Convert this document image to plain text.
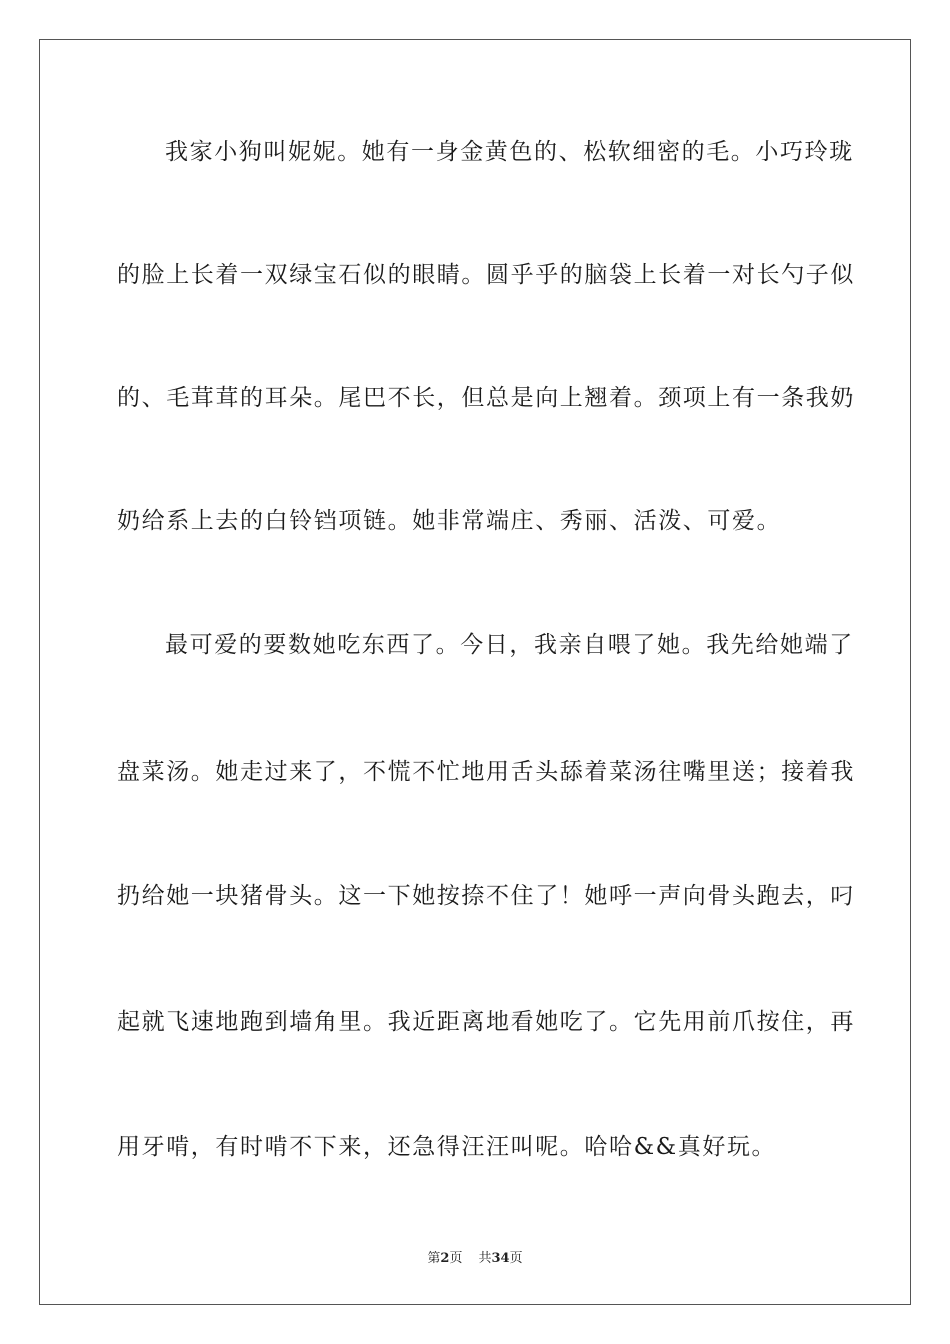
我家小狗叫妮妮。她有一身金黄色的、松软细密的毛。小巧玲珑
的脸上长着一双绿宝石似的眼睛。圆乎乎的脑袋上长着一对长勺子似
的、毛茸茸的耳朵。尾巴不长，但总是向上翘着。颈项上有一条我奶
奶给系上去的白铃铛项链。她非常端庄、秀丽、活泼、可爱。
最可爱的要数她吃东西了。今日，我亲自喂了她。我先给她端了
盘菜汤。她走过来了，不慌不忙地用舌头舔着菜汤往嘴里送；接着我
扔给她一块猪骨头。这一下她按捺不住了！她呼一声向骨头跑去，叼
起就飞速地跑到墙角里。我近距离地看她吃了。它先用前爪按住，再
用牙啃，有时啃不下来，还急得汪汪叫呢。哈哈&&真好玩。
第2页 共34页
